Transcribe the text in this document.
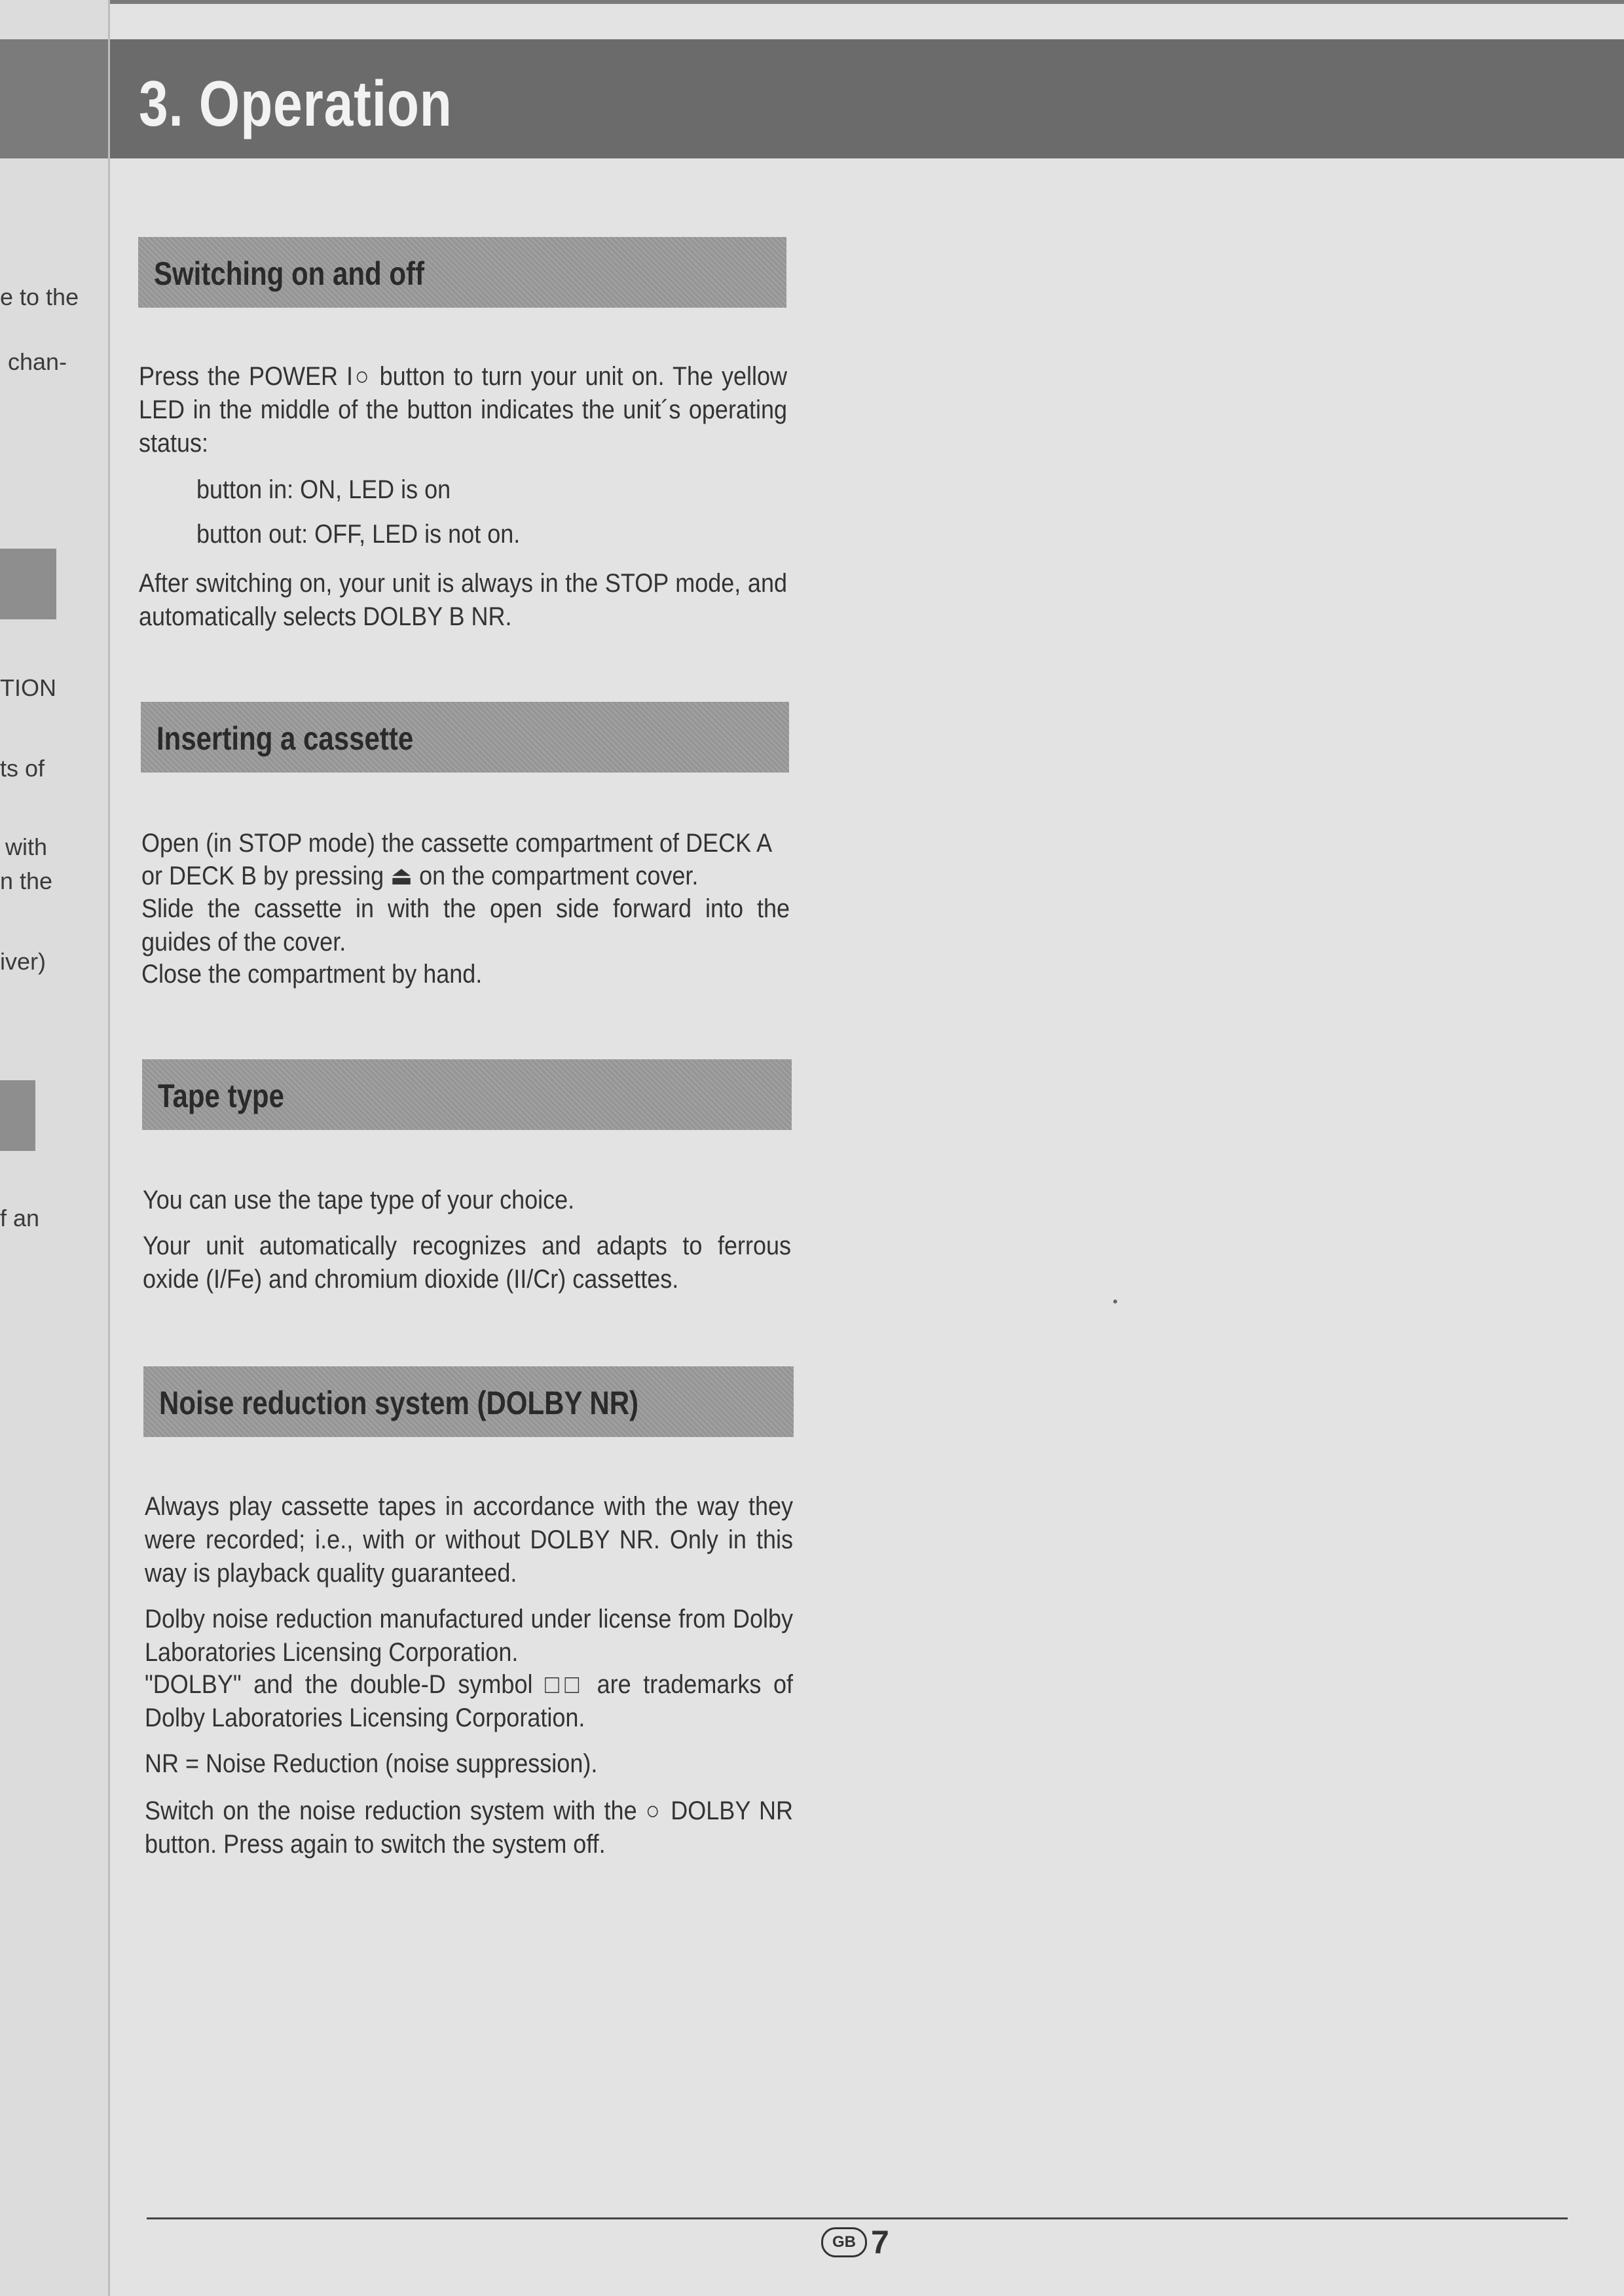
e to the
chan-
TION
ts of
with
n the
iver)
f an
3. Operation
Switching on and off
Press the POWER I○ button to turn your unit on. The yellow LED in the middle of the button indicates the unit´s operating status:
button in: ON, LED is on
button out: OFF, LED is not on.
After switching on, your unit is always in the STOP mode, and automatically selects DOLBY B NR.
Inserting a cassette
Open (in STOP mode) the cassette compartment of DECK A
or DECK B by pressing ⏏ on the compartment cover.
Slide the cassette in with the open side forward into the guides of the cover.
Close the compartment by hand.
Tape type
You can use the tape type of your choice.
Your unit automatically recognizes and adapts to ferrous oxide (I/Fe) and chromium dioxide (II/Cr) cassettes.
Noise reduction system (DOLBY NR)
Always play cassette tapes in accordance with the way they were recorded; i.e., with or without DOLBY NR. Only in this way is playback quality guaranteed.
Dolby noise reduction manufactured under license from Dolby Laboratories Licensing Corporation.
"DOLBY" and the double-D symbol □□ are trademarks of Dolby Laboratories Licensing Corporation.
NR = Noise Reduction (noise suppression).
Switch on the noise reduction system with the ○ DOLBY NR button. Press again to switch the system off.
GB 7
